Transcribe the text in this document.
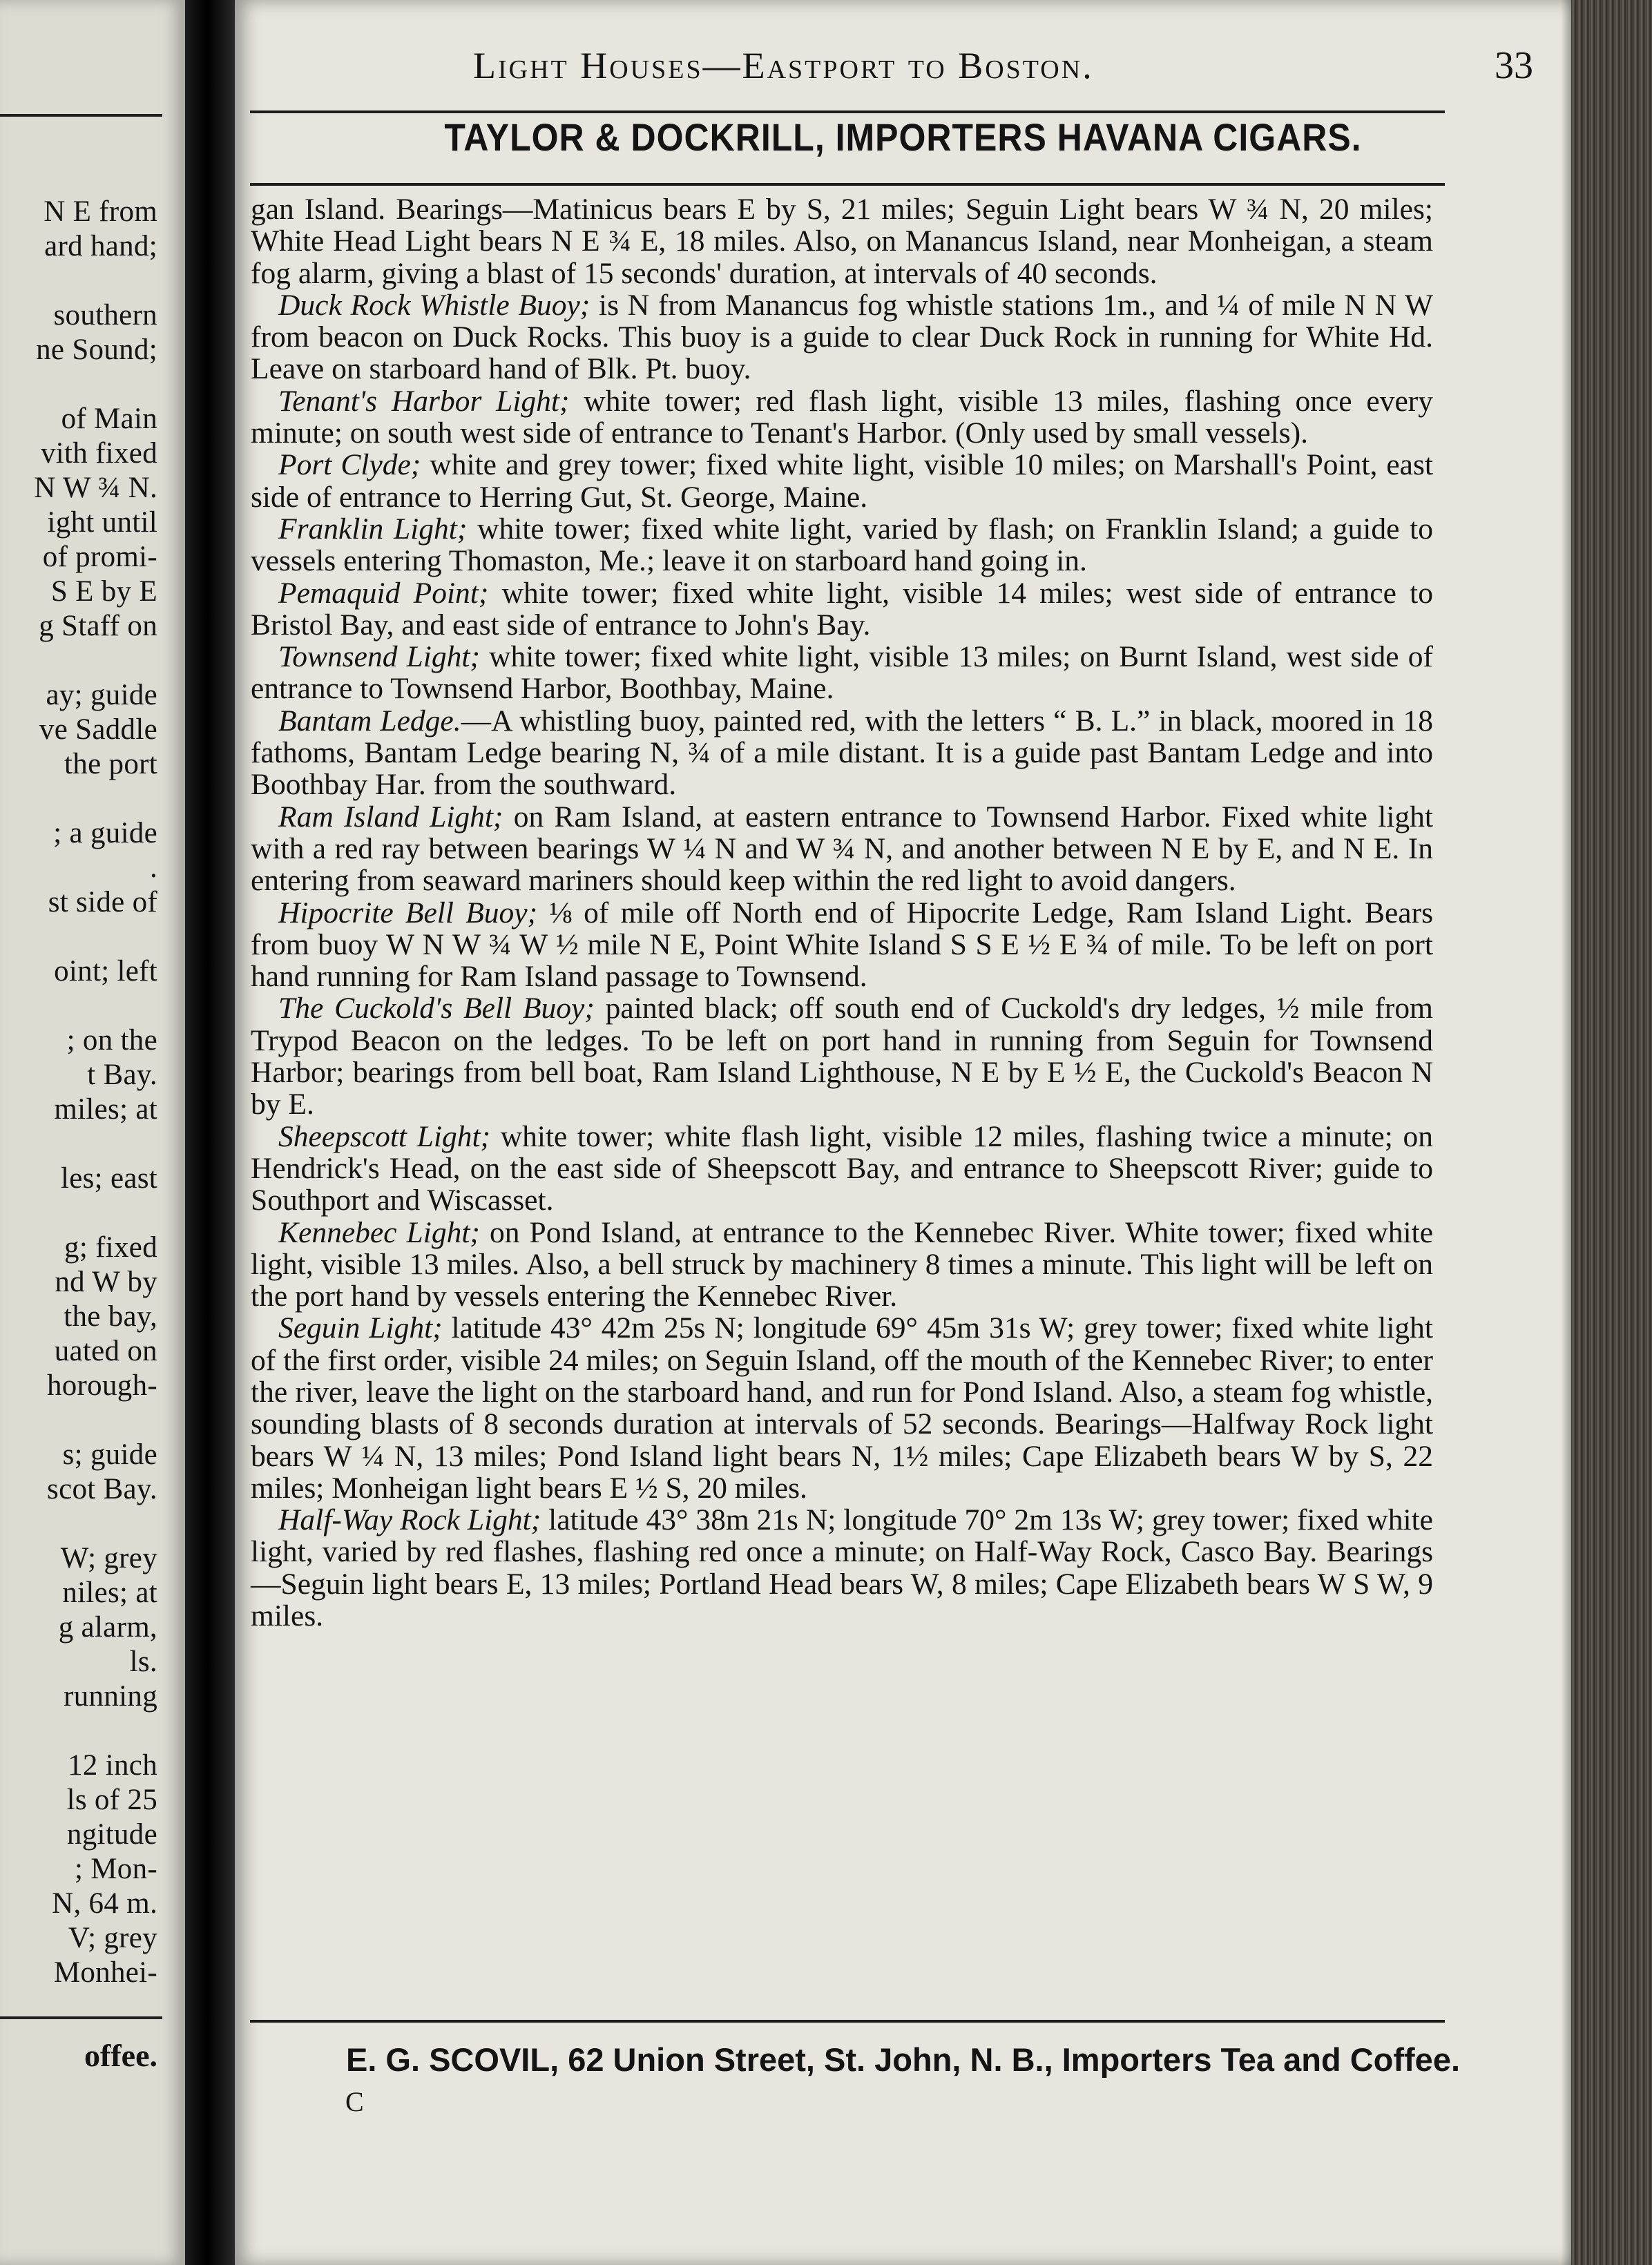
N E from
ard hand;
southern
ne Sound;
of Main
vith fixed
N W ¾ N.
ight until
of promi-
S E by E
g Staff on
ay; guide
ve Saddle
the port
; a guide
.
st side of
oint; left
; on the
t Bay.
miles; at
les; east
g; fixed
nd W by
the bay,
uated on
horough-
s; guide
scot Bay.
W; grey
niles; at
g alarm,
ls.
running
12 inch
ls of 25
ngitude
; Mon-
N, 64 m.
V; grey
Monhei-
offee.
Light Houses—Eastport to Boston.	33
TAYLOR & DOCKRILL, IMPORTERS HAVANA CIGARS.

gan Island. Bearings—Matinicus bears E by S, 21 miles; Seguin Light bears W ¾ N, 20 miles; White Head Light bears N E ¾ E, 18 miles. Also, on Manancus Island, near Monheigan, a steam fog alarm, giving a blast of 15 seconds' duration, at intervals of 40 seconds.

Duck Rock Whistle Buoy; is N from Manancus fog whistle stations 1m., and ¼ of mile N N W from beacon on Duck Rocks. This buoy is a guide to clear Duck Rock in running for White Hd. Leave on starboard hand of Blk. Pt. buoy.

Tenant's Harbor Light; white tower; red flash light, visible 13 miles, flashing once every minute; on south west side of entrance to Tenant's Harbor. (Only used by small vessels).

Port Clyde; white and grey tower; fixed white light, visible 10 miles; on Marshall's Point, east side of entrance to Herring Gut, St. George, Maine.

Franklin Light; white tower; fixed white light, varied by flash; on Franklin Island; a guide to vessels entering Thomaston, Me.; leave it on starboard hand going in.

Pemaquid Point; white tower; fixed white light, visible 14 miles; west side of entrance to Bristol Bay, and east side of entrance to John's Bay.

Townsend Light; white tower; fixed white light, visible 13 miles; on Burnt Island, west side of entrance to Townsend Harbor, Boothbay, Maine.

Bantam Ledge.—A whistling buoy, painted red, with the letters “ B. L.” in black, moored in 18 fathoms, Bantam Ledge bearing N, ¾ of a mile distant. It is a guide past Bantam Ledge and into Boothbay Har. from the southward.

Ram Island Light; on Ram Island, at eastern entrance to Townsend Harbor. Fixed white light with a red ray between bearings W ¼ N and W ¾ N, and another between N E by E, and N E. In entering from seaward mariners should keep within the red light to avoid dangers.

Hipocrite Bell Buoy; ⅛ of mile off North end of Hipocrite Ledge, Ram Island Light. Bears from buoy W N W ¾ W ½ mile N E, Point White Island S S E ½ E ¾ of mile. To be left on port hand running for Ram Island passage to Townsend.

The Cuckold's Bell Buoy; painted black; off south end of Cuckold's dry ledges, ½ mile from Trypod Beacon on the ledges. To be left on port hand in running from Seguin for Townsend Harbor; bearings from bell boat, Ram Island Lighthouse, N E by E ½ E, the Cuckold's Beacon N by E.

Sheepscott Light; white tower; white flash light, visible 12 miles, flashing twice a minute; on Hendrick's Head, on the east side of Sheepscott Bay, and entrance to Sheepscott River; guide to Southport and Wiscasset.

Kennebec Light; on Pond Island, at entrance to the Kennebec River. White tower; fixed white light, visible 13 miles. Also, a bell struck by machinery 8 times a minute. This light will be left on the port hand by vessels entering the Kennebec River.

Seguin Light; latitude 43° 42m 25s N; longitude 69° 45m 31s W; grey tower; fixed white light of the first order, visible 24 miles; on Seguin Island, off the mouth of the Kennebec River; to enter the river, leave the light on the starboard hand, and run for Pond Island. Also, a steam fog whistle, sounding blasts of 8 seconds duration at intervals of 52 seconds. Bearings—Halfway Rock light bears W ¼ N, 13 miles; Pond Island light bears N, 1½ miles; Cape Elizabeth bears W by S, 22 miles; Monheigan light bears E ½ S, 20 miles.

Half-Way Rock Light; latitude 43° 38m 21s N; longitude 70° 2m 13s W; grey tower; fixed white light, varied by red flashes, flashing red once a minute; on Half-Way Rock, Casco Bay. Bearings—Seguin light bears E, 13 miles; Portland Head bears W, 8 miles; Cape Elizabeth bears W S W, 9 miles.

E. G. SCOVIL, 62 Union Street, St. John, N. B., Importers Tea and Coffee.
C
